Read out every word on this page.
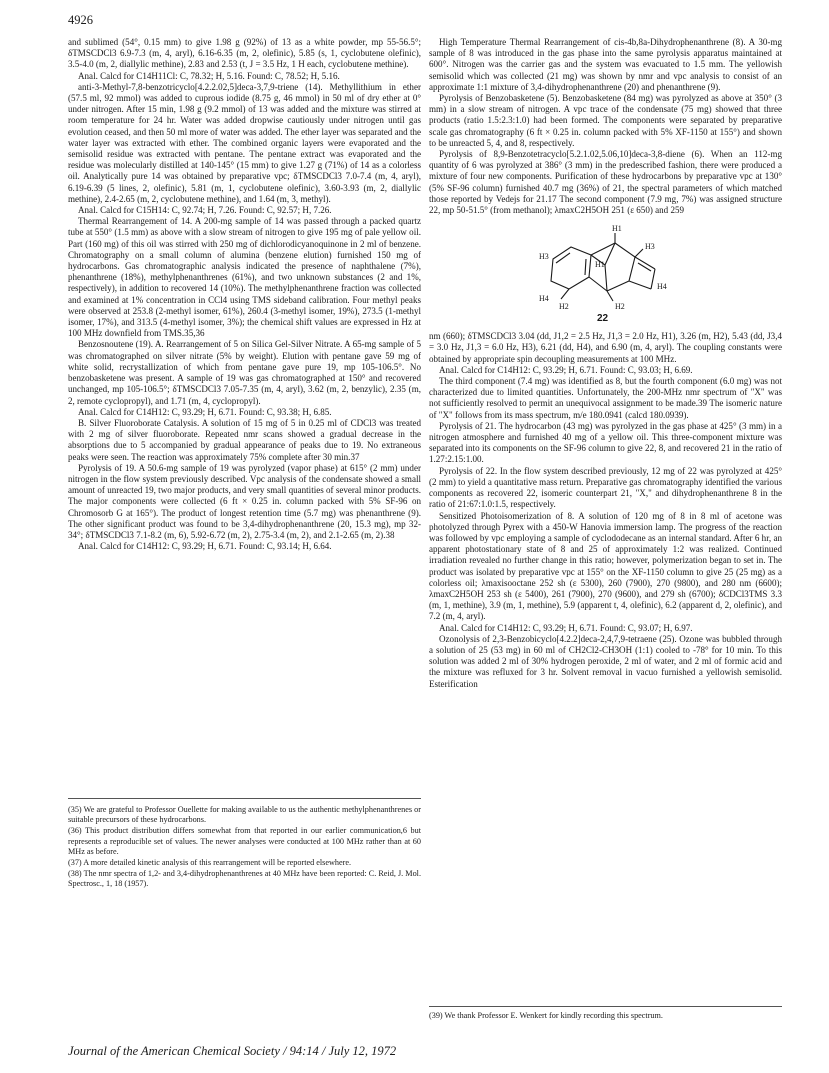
4926

and sublimed (54°, 0.15 mm) to give 1.98 g (92%) of 13 as a white powder, mp 55-56.5°; δTMSCDCl3 6.9-7.3 (m, 4, aryl), 6.16-6.35 (m, 2, olefinic), 5.85 (s, 1, cyclobutene olefinic), 3.5-4.0 (m, 2, diallylic methine), 2.83 and 2.53 (t, J = 3.5 Hz, 1 H each, cyclobutene methine).

Anal. Calcd for C14H11Cl: C, 78.32; H, 5.16. Found: C, 78.52; H, 5.16.

anti-3-Methyl-7,8-benzotricyclo[4.2.2.02,5]deca-3,7,9-triene (14). Methyllithium in ether (57.5 ml, 92 mmol) was added to cuprous iodide (8.75 g, 46 mmol) in 50 ml of dry ether at 0° under nitrogen. After 15 min, 1.98 g (9.2 mmol) of 13 was added and the mixture was stirred at room temperature for 24 hr. Water was added dropwise cautiously under nitrogen until gas evolution ceased, and then 50 ml more of water was added. The ether layer was separated and the water layer was extracted with ether. The combined organic layers were evaporated and the semisolid residue was extracted with pentane. The pentane extract was evaporated and the residue was molecularly distilled at 140-145° (15 mm) to give 1.27 g (71%) of 14 as a colorless oil. Analytically pure 14 was obtained by preparative vpc; δTMSCDCl3 7.0-7.4 (m, 4, aryl), 6.19-6.39 (5 lines, 2, olefinic), 5.81 (m, 1, cyclobutene olefinic), 3.60-3.93 (m, 2, diallylic methine), 2.4-2.65 (m, 2, cyclobutene methine), and 1.64 (m, 3, methyl).

Anal. Calcd for C15H14: C, 92.74; H, 7.26. Found: C, 92.57; H, 7.26.

Thermal Rearrangement of 14. A 200-mg sample of 14 was passed through a packed quartz tube at 550° (1.5 mm) as above with a slow stream of nitrogen to give 195 mg of pale yellow oil. Part (160 mg) of this oil was stirred with 250 mg of dichlorodicyanoquinone in 2 ml of benzene. Chromatography on a small column of alumina (benzene elution) furnished 150 mg of hydrocarbons. Gas chromatographic analysis indicated the presence of naphthalene (7%), phenanthrene (18%), methylphenanthrenes (61%), and two unknown substances (2 and 1%, respectively), in addition to recovered 14 (10%). The methylphenanthrene fraction was collected and examined at 1% concentration in CCl4 using TMS sideband calibration. Four methyl peaks were observed at 253.8 (2-methyl isomer, 61%), 260.4 (3-methyl isomer, 19%), 273.5 (1-methyl isomer, 17%), and 313.5 (4-methyl isomer, 3%); the chemical shift values are expressed in Hz at 100 MHz downfield from TMS.35,36

Benzosnoutene (19). A. Rearrangement of 5 on Silica Gel-Silver Nitrate. A 65-mg sample of 5 was chromatographed on silver nitrate (5% by weight). Elution with pentane gave 59 mg of white solid, recrystallization of which from pentane gave pure 19, mp 105-106.5°. No benzobasketene was present. A sample of 19 was gas chromatographed at 150° and recovered unchanged, mp 105-106.5°; δTMSCDCl3 7.05-7.35 (m, 4, aryl), 3.62 (m, 2, benzylic), 2.35 (m, 2, remote cyclopropyl), and 1.71 (m, 4, cyclopropyl).

Anal. Calcd for C14H12: C, 93.29; H, 6.71. Found: C, 93.38; H, 6.85.

B. Silver Fluoroborate Catalysis. A solution of 15 mg of 5 in 0.25 ml of CDCl3 was treated with 2 mg of silver fluoroborate. Repeated nmr scans showed a gradual decrease in the absorptions due to 5 accompanied by gradual appearance of peaks due to 19. No extraneous peaks were seen. The reaction was approximately 75% complete after 30 min.37

Pyrolysis of 19. A 50.6-mg sample of 19 was pyrolyzed (vapor phase) at 615° (2 mm) under nitrogen in the flow system previously described. Vpc analysis of the condensate showed a small amount of unreacted 19, two major products, and very small quantities of several minor products. The major components were collected (6 ft × 0.25 in. column packed with 5% SF-96 on Chromosorb G at 165°). The product of longest retention time (5.7 mg) was phenanthrene (9). The other significant product was found to be 3,4-dihydrophenanthrene (20, 15.3 mg), mp 32-34°; δTMSCDCl3 7.1-8.2 (m, 6), 5.92-6.72 (m, 2), 2.75-3.4 (m, 2), and 2.1-2.65 (m, 2).38

Anal. Calcd for C14H12: C, 93.29; H, 6.71. Found: C, 93.14; H, 6.64.

(35) We are grateful to Professor Ouellette for making available to us the authentic methylphenanthrenes or suitable precursors of these hydrocarbons.

(36) This product distribution differs somewhat from that reported in our earlier communication,6 but represents a reproducible set of values. The newer analyses were conducted at 100 MHz rather than at 60 MHz as before.

(37) A more detailed kinetic analysis of this rearrangement will be reported elsewhere.

(38) The nmr spectra of 1,2- and 3,4-dihydrophenanthrenes at 40 MHz have been reported: C. Reid, J. Mol. Spectrosc., 1, 18 (1957).

High Temperature Thermal Rearrangement of cis-4b,8a-Dihydrophenanthrene (8). A 30-mg sample of 8 was introduced in the gas phase into the same pyrolysis apparatus maintained at 600°. Nitrogen was the carrier gas and the system was evacuated to 1.5 mm. The yellowish semisolid which was collected (21 mg) was shown by nmr and vpc analysis to consist of an approximate 1:1 mixture of 3,4-dihydrophenanthrene (20) and phenanthrene (9).

Pyrolysis of Benzobasketene (5). Benzobasketene (84 mg) was pyrolyzed as above at 350° (3 mm) in a slow stream of nitrogen. A vpc trace of the condensate (75 mg) showed that three products (ratio 1.5:2.3:1.0) had been formed. The components were separated by preparative scale gas chromatography (6 ft × 0.25 in. column packed with 5% XF-1150 at 155°) and shown to be unreacted 5, 4, and 8, respectively.

Pyrolysis of 8,9-Benzotetracyclo[5.2.1.02,5.06,10]deca-3,8-diene (6). When an 112-mg quantity of 6 was pyrolyzed at 386° (3 mm) in the predescribed fashion, there were produced a mixture of four new components. Purification of these hydrocarbons by preparative vpc at 130° (5% SF-96 column) furnished 40.7 mg (36%) of 21, the spectral parameters of which matched those reported by Vedejs for 21.17 The second component (7.9 mg, 7%) was assigned structure 22, mp 50-51.5° (from methanol); λmaxC2H5OH 251 (ε 650) and 259

H1
H1
H3
H3
H2	H2
H4
H4
22

nm (660); δTMSCDCl3 3.04 (dd, J1,2 = 2.5 Hz, J1,3 = 2.0 Hz, H1), 3.26 (m, H2), 5.43 (dd, J3,4 = 3.0 Hz, J1,3 = 6.0 Hz, H3), 6.21 (dd, H4), and 6.90 (m, 4, aryl). The coupling constants were obtained by appropriate spin decoupling measurements at 100 MHz.

Anal. Calcd for C14H12: C, 93.29; H, 6.71. Found: C, 93.03; H, 6.69.

The third component (7.4 mg) was identified as 8, but the fourth component (6.0 mg) was not characterized due to limited quantities. Unfortunately, the 200-MHz nmr spectrum of "X" was not sufficiently resolved to permit an unequivocal assignment to be made.39 The isomeric nature of "X" follows from its mass spectrum, m/e 180.0941 (calcd 180.0939).

Pyrolysis of 21. The hydrocarbon (43 mg) was pyrolyzed in the gas phase at 425° (3 mm) in a nitrogen atmosphere and furnished 40 mg of a yellow oil. This three-component mixture was separated into its components on the SF-96 column to give 22, 8, and recovered 21 in the ratio of 1.27:2.15:1.00.

Pyrolysis of 22. In the flow system described previously, 12 mg of 22 was pyrolyzed at 425° (2 mm) to yield a quantitative mass return. Preparative gas chromatography identified the various components as recovered 22, isomeric counterpart 21, "X," and dihydrophenanthrene 8 in the ratio of 21:67:1.0:1.5, respectively.

Sensitized Photoisomerization of 8. A solution of 120 mg of 8 in 8 ml of acetone was photolyzed through Pyrex with a 450-W Hanovia immersion lamp. The progress of the reaction was followed by vpc employing a sample of cyclododecane as an internal standard. After 6 hr, an apparent photostationary state of 8 and 25 of approximately 1:2 was realized. Continued irradiation revealed no further change in this ratio; however, polymerization began to set in. The product was isolated by preparative vpc at 155° on the XF-1150 column to give 25 (25 mg) as a colorless oil; λmaxisooctane 252 sh (ε 5300), 260 (7900), 270 (9800), and 280 nm (6600); λmaxC2H5OH 253 sh (ε 5400), 261 (7900), 270 (9600), and 279 sh (6700); δCDCl3TMS 3.3 (m, 1, methine), 3.9 (m, 1, methine), 5.9 (apparent t, 4, olefinic), 6.2 (apparent d, 2, olefinic), and 7.2 (m, 4, aryl).

Anal. Calcd for C14H12: C, 93.29; H, 6.71. Found: C, 93.07; H, 6.97.

Ozonolysis of 2,3-Benzobicyclo[4.2.2]deca-2,4,7,9-tetraene (25). Ozone was bubbled through a solution of 25 (53 mg) in 60 ml of CH2Cl2-CH3OH (1:1) cooled to -78° for 10 min. To this solution was added 2 ml of 30% hydrogen peroxide, 2 ml of water, and 2 ml of formic acid and the mixture was refluxed for 3 hr. Solvent removal in vacuo furnished a yellowish semisolid. Esterification

(39) We thank Professor E. Wenkert for kindly recording this spectrum.

Journal of the American Chemical Society / 94:14 / July 12, 1972
